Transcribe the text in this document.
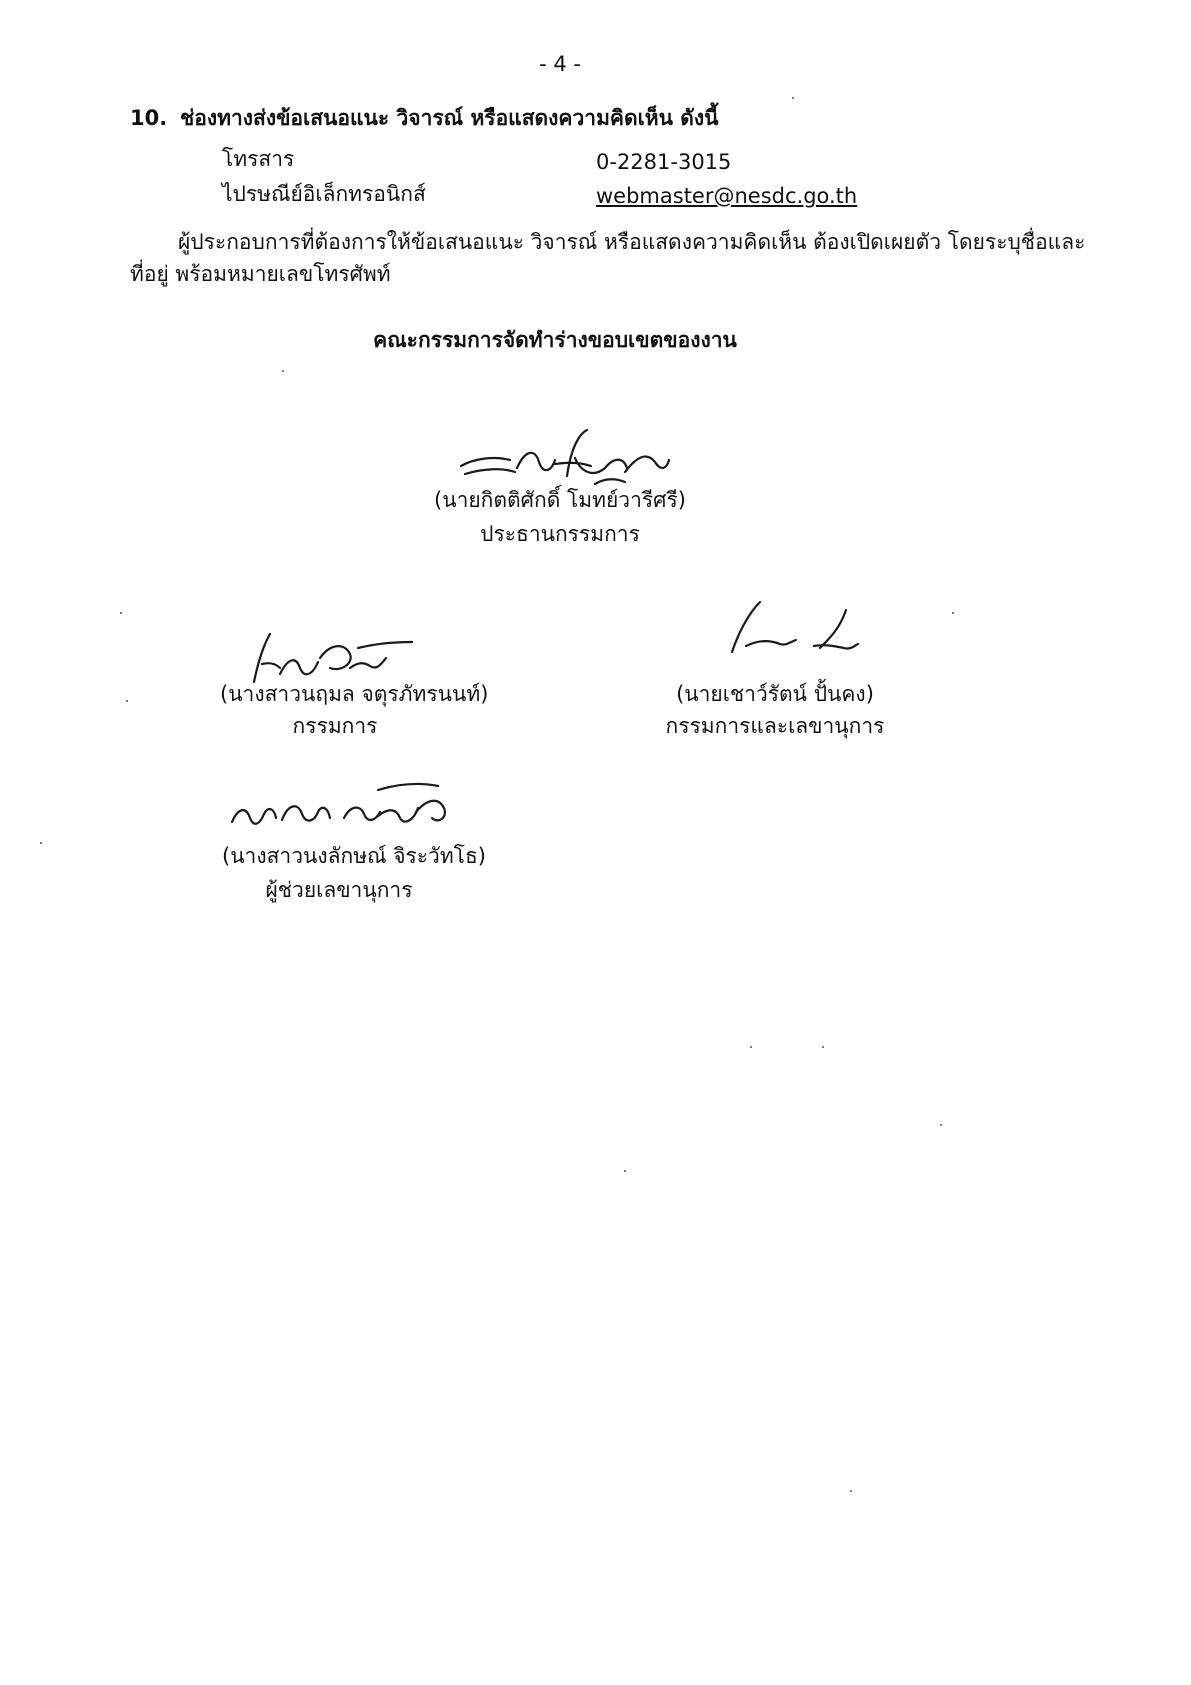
- 4 -
10. ช่องทางส่งข้อเสนอแนะ วิจารณ์ หรือแสดงความคิดเห็น ดังนี้
โทรสาร	0-2281-3015
ไปรษณีย์อิเล็กทรอนิกส์	webmaster@nesdc.go.th
ผู้ประกอบการที่ต้องการให้ข้อเสนอแนะ วิจารณ์ หรือแสดงความคิดเห็น ต้องเปิดเผยตัว โดยระบุชื่อและ
ที่อยู่ พร้อมหมายเลขโทรศัพท์
คณะกรรมการจัดทำร่างขอบเขตของงาน
(นายกิตติศักดิ์ โมทย์วารีศรี)
ประธานกรรมการ
(นางสาวนฤมล จตุรภัทรนนท์)
กรรมการ
(นายเชาว์รัตน์ ปั้นคง)
กรรมการและเลขานุการ
(นางสาวนงลักษณ์ จิระวัทโธ)
ผู้ช่วยเลขานุการ
